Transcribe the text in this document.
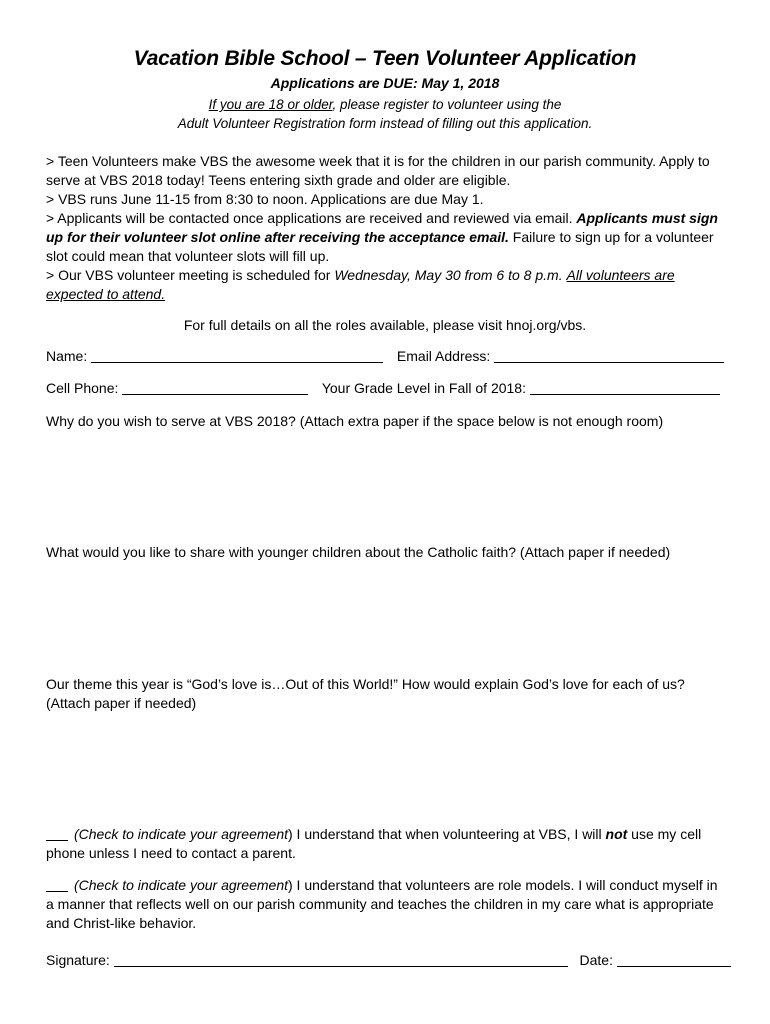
Vacation Bible School – Teen Volunteer Application
Applications are DUE: May 1, 2018
If you are 18 or older, please register to volunteer using the
Adult Volunteer Registration form instead of filling out this application.
> Teen Volunteers make VBS the awesome week that it is for the children in our parish community. Apply to serve at VBS 2018 today! Teens entering sixth grade and older are eligible.
> VBS runs June 11-15 from 8:30 to noon. Applications are due May 1.
> Applicants will be contacted once applications are received and reviewed via email. Applicants must sign up for their volunteer slot online after receiving the acceptance email. Failure to sign up for a volunteer slot could mean that volunteer slots will fill up.
> Our VBS volunteer meeting is scheduled for Wednesday, May 30 from 6 to 8 p.m. All volunteers are expected to attend.
For full details on all the roles available, please visit hnoj.org/vbs.
Name:	Email Address:
Cell Phone:	Your Grade Level in Fall of 2018:
Why do you wish to serve at VBS 2018? (Attach extra paper if the space below is not enough room)
What would you like to share with younger children about the Catholic faith? (Attach paper if needed)
Our theme this year is “God’s love is…Out of this World!” How would explain God’s love for each of us?
(Attach paper if needed)
(Check to indicate your agreement) I understand that when volunteering at VBS, I will not use my cell phone unless I need to contact a parent.
(Check to indicate your agreement) I understand that volunteers are role models. I will conduct myself in a manner that reflects well on our parish community and teaches the children in my care what is appropriate and Christ-like behavior.
Signature:	Date:
